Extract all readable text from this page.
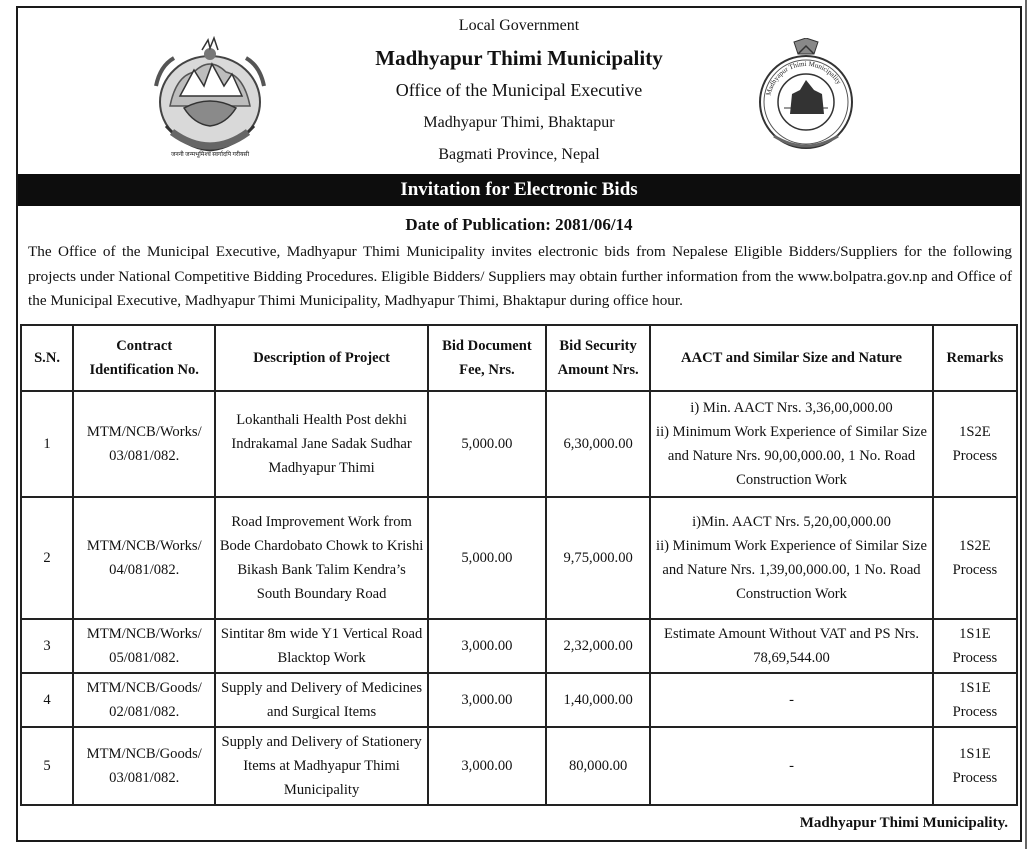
जननी जन्मभूमिश्च स्वर्गादपि गरीयसी
Local Government
Madhyapur Thimi Municipality
Office of the Municipal Executive
Madhyapur Thimi, Bhaktapur
Bagmati Province, Nepal
Madhyapur Thimi Municipality
Invitation for Electronic Bids
Date of Publication: 2081/06/14
The Office of the Municipal Executive, Madhyapur Thimi Municipality invites electronic bids from Nepalese Eligible Bidders/Suppliers for the following projects under National Competitive Bidding Procedures. Eligible Bidders/ Suppliers may obtain further information from the www.bolpatra.gov.np and Office of the Municipal Executive, Madhyapur Thimi Municipality, Madhyapur Thimi, Bhaktapur during office hour.
S.N.	Contract Identification No.	Description of Project	Bid Document Fee, Nrs.	Bid Security Amount Nrs.	AACT and Similar Size and Nature	Remarks
1	MTM/NCB/Works/ 03/081/082.	Lokanthali Health Post dekhi Indrakamal Jane Sadak Sudhar Madhyapur Thimi	5,000.00	6,30,000.00	i) Min. AACT Nrs. 3,36,00,000.00
ii) Minimum Work Experience of Similar Size and Nature Nrs. 90,00,000.00, 1 No. Road Construction Work	1S2E Process
2	MTM/NCB/Works/ 04/081/082.	Road Improvement Work from Bode Chardobato Chowk to Krishi Bikash Bank Talim Kendra’s South Boundary Road	5,000.00	9,75,000.00	i)Min. AACT Nrs. 5,20,00,000.00
ii) Minimum Work Experience of Similar Size and Nature Nrs. 1,39,00,000.00, 1 No. Road Construction Work	1S2E Process
3	MTM/NCB/Works/ 05/081/082.	Sintitar 8m wide Y1 Vertical Road Blacktop Work	3,000.00	2,32,000.00	Estimate Amount Without VAT and PS Nrs. 78,69,544.00	1S1E Process
4	MTM/NCB/Goods/ 02/081/082.	Supply and Delivery of Medicines and Surgical Items	3,000.00	1,40,000.00	-	1S1E Process
5	MTM/NCB/Goods/ 03/081/082.	Supply and Delivery of Stationery Items at Madhyapur Thimi Municipality	3,000.00	80,000.00	-	1S1E Process
Madhyapur Thimi Municipality.
